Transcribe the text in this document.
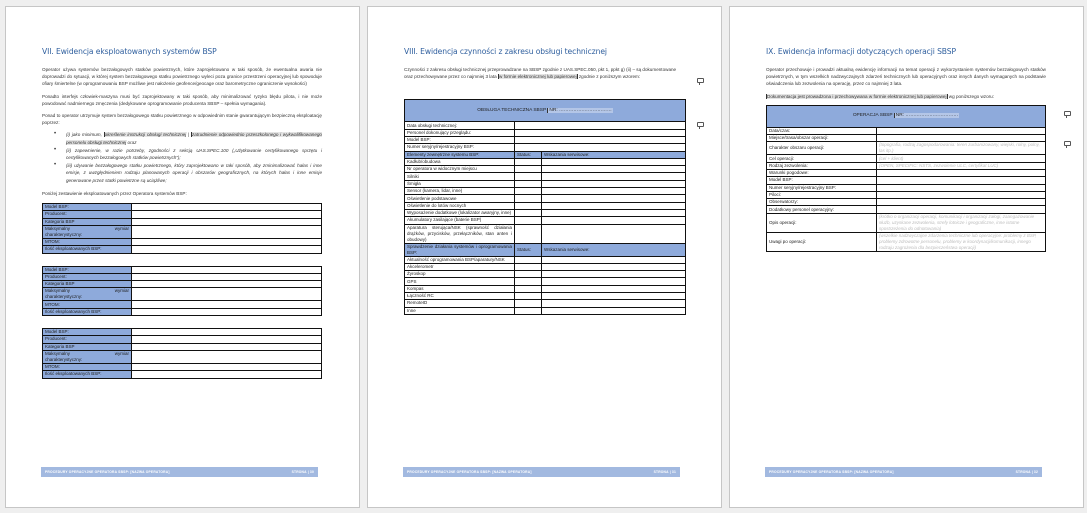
VII. Ewidencja eksploatowanych systemów BSP

Operator używa systemów bezzałogowych statków powietrznych, które zaprojektowano w taki sposób, że ewentualna awaria nie doprowadzi do sytuacji, w której system bezzałogowego statku powietrznego wyleci poza granice przestrzeni operacyjnej lub spowoduje ofiary śmiertelne (w oprogramowaniu BSP możliwe jest nałożenie geofence/geocage oraz barometryczne ograniczenie wysokości)

Ponadto interfejs człowiek-maszyna musi być zaprojektowany w taki sposób, aby minimalizować ryzyko błędu pilota, i nie może powodować nadmiernego zmęczenia (dedykowane oprogramowanie producenta SBSP – spełnia wymagania).

Ponad to operator utrzymuje system bezzałogowego statku powietrznego w odpowiednim stanie gwarantującym bezpieczną eksploatację poprzez:

• (i) jako minimum, określenie instrukcji obsługi technicznej | zatrudnienie odpowiednio przeszkolonego i wykwalifikowanego personelu obsługi technicznej oraz
• (ii) zapewnienie, w razie potrzeby, zgodności z sekcją UAS.SPEC.100 („Użytkowanie certyfikowanego sprzętu i certyfikowanych bezzałogowych statków powietrznych”);
• (iii) używanie bezzałogowego statku powietrznego, który zaprojektowano w taki sposób, aby zminimalizować hałas i inne emisje, z uwzględnieniem rodzaju planowanych operacji i obszarów geograficznych, na których hałas i inne emisje generowane przez statki powietrzne są uciążliwe;

Poniżej zestawienie eksploatowanych przez Operatora systemów BSP:

Model BSP:	
Producent:	
Kategoria BSP	

Maksymalny wymiar
charakterystyczny:	

MTOM:	
Ilość eksploatowanych BSP:	
Model BSP:	
Producent:	
Kategoria BSP	

Maksymalny wymiar
charakterystyczny:	

MTOM:	
Ilość eksploatowanych BSP:	
Model BSP:	
Producent:	
Kategoria BSP	

Maksymalny wymiar
charakterystyczny:	

MTOM:	
Ilość eksploatowanych BSP:	
PROCEDURY OPERACYJNE OPERATORA SBSP: [NAZWA OPERATORA]	STRONA | 30
VIII. Ewidencja czynności z zakresu obsługi technicznej

Czynności z zakresu obsługi technicznej przeprowadzane na SBSP zgodnie z UAS.SPEC.050, pkt 1, ppkt g) (ii) – są dokumentowane oraz przechowywane przez co najmniej 3 lata w formie elektronicznej lub papierowej zgodnie z poniższym wzorem:

OBSŁUGA TECHNICZNA SBSP NR: ……………………………		
Data obsługi technicznej:		
Personel dokonujący przeglądu:		
Model BSP:		
Numer seryjny/rejestracyjny BSP:		
Elementy zewnętrzne systemu BSP:	Status:	Wskazania serwisowe:
Kadłub/obudowa		
Nr operatora w widocznym miejscu		
Silniki		
Śmigła		
Sensor (kamera, lidar, inne)		
Oświetlenie podstawowe		
Oświetlenie do lotów nocnych		
Wyposażenie dodatkowe (lokalizator awaryjny, inne)		
Akumulatory zasilające (baterie BSP)		
Aparatura sterująca/NSK (sprawność działania drążków, przycisków, przełączników, stan anten i obudowy)		
Sprawdzenie działania systemów i oprogramowania BSP:	Status:	Wskazania serwisowe:
Aktualność oprogramowania BSP/aparatury/NSK		
Akcelerometr		
Żyroskop		
GPS		
Kompas		
Łączność RC		
RemoteID		
Inne		
PROCEDURY OPERACYJNE OPERATORA SBSP: [NAZWA OPERATORA]	STRONA | 31
IX. Ewidencja informacji dotyczących operacji SBSP

Operator przechowuje i prowadzi aktualną ewidencję informacji na temat operacji z wykorzystaniem systemów bezzałogowych statków powietrznych, w tym wszelkich nadzwyczajnych zdarzeń technicznych lub operacyjnych oraz innych danych wymaganych na podstawie oświadczenia lub zezwolenia na operację, przez co najmniej 3 lata.

Dokumentacja jest prowadzona i przechowywana w formie elektronicznej lub papierowej wg poniższego wzoru:

OPERACJA SBSP NR: ……………………………	
Data/czas:	
Miejsce/trasa/obszar operacji:	
Charakter obszaru operacji:	(topografia, rodzaj zagospodarowania: teren zurbanizowany, wiejski, rolny, polny, las itp.)
Cel operacji:	(cel + klient)
Rodzaj zezwolenia:	(OPEN, SPECIFIC: NSTS, zezwolenie ULC, certyfikat LUC)
Warunki pogodowe:	
Model BSP:	
Numer seryjny/rejestracyjny BSP:	
Piloci:	
Obserwatorzy:	
Dodatkowy personel operacyjny:	
Opis operacji:	(krótko o organizacji operacji, komunikacji i organizacji załogi, zaangażowanie służb, uzyskane zezwolenia, strefy lotnicze i geograficzne, inne istotne spostrzeżenia do odnotowania)
Uwagi po operacji:	(wszelkie nadzwyczajne zdarzenia techniczne lub operacyjne: problemy z BSP, problemy zdrowotne personelu, problemy w koordynacji/komunikacji, innego rodzaju zagrożenia dla bezpieczeństwa operacji)
PROCEDURY OPERACYJNE OPERATORA SBSP: [NAZWA OPERATORA]	STRONA | 32
